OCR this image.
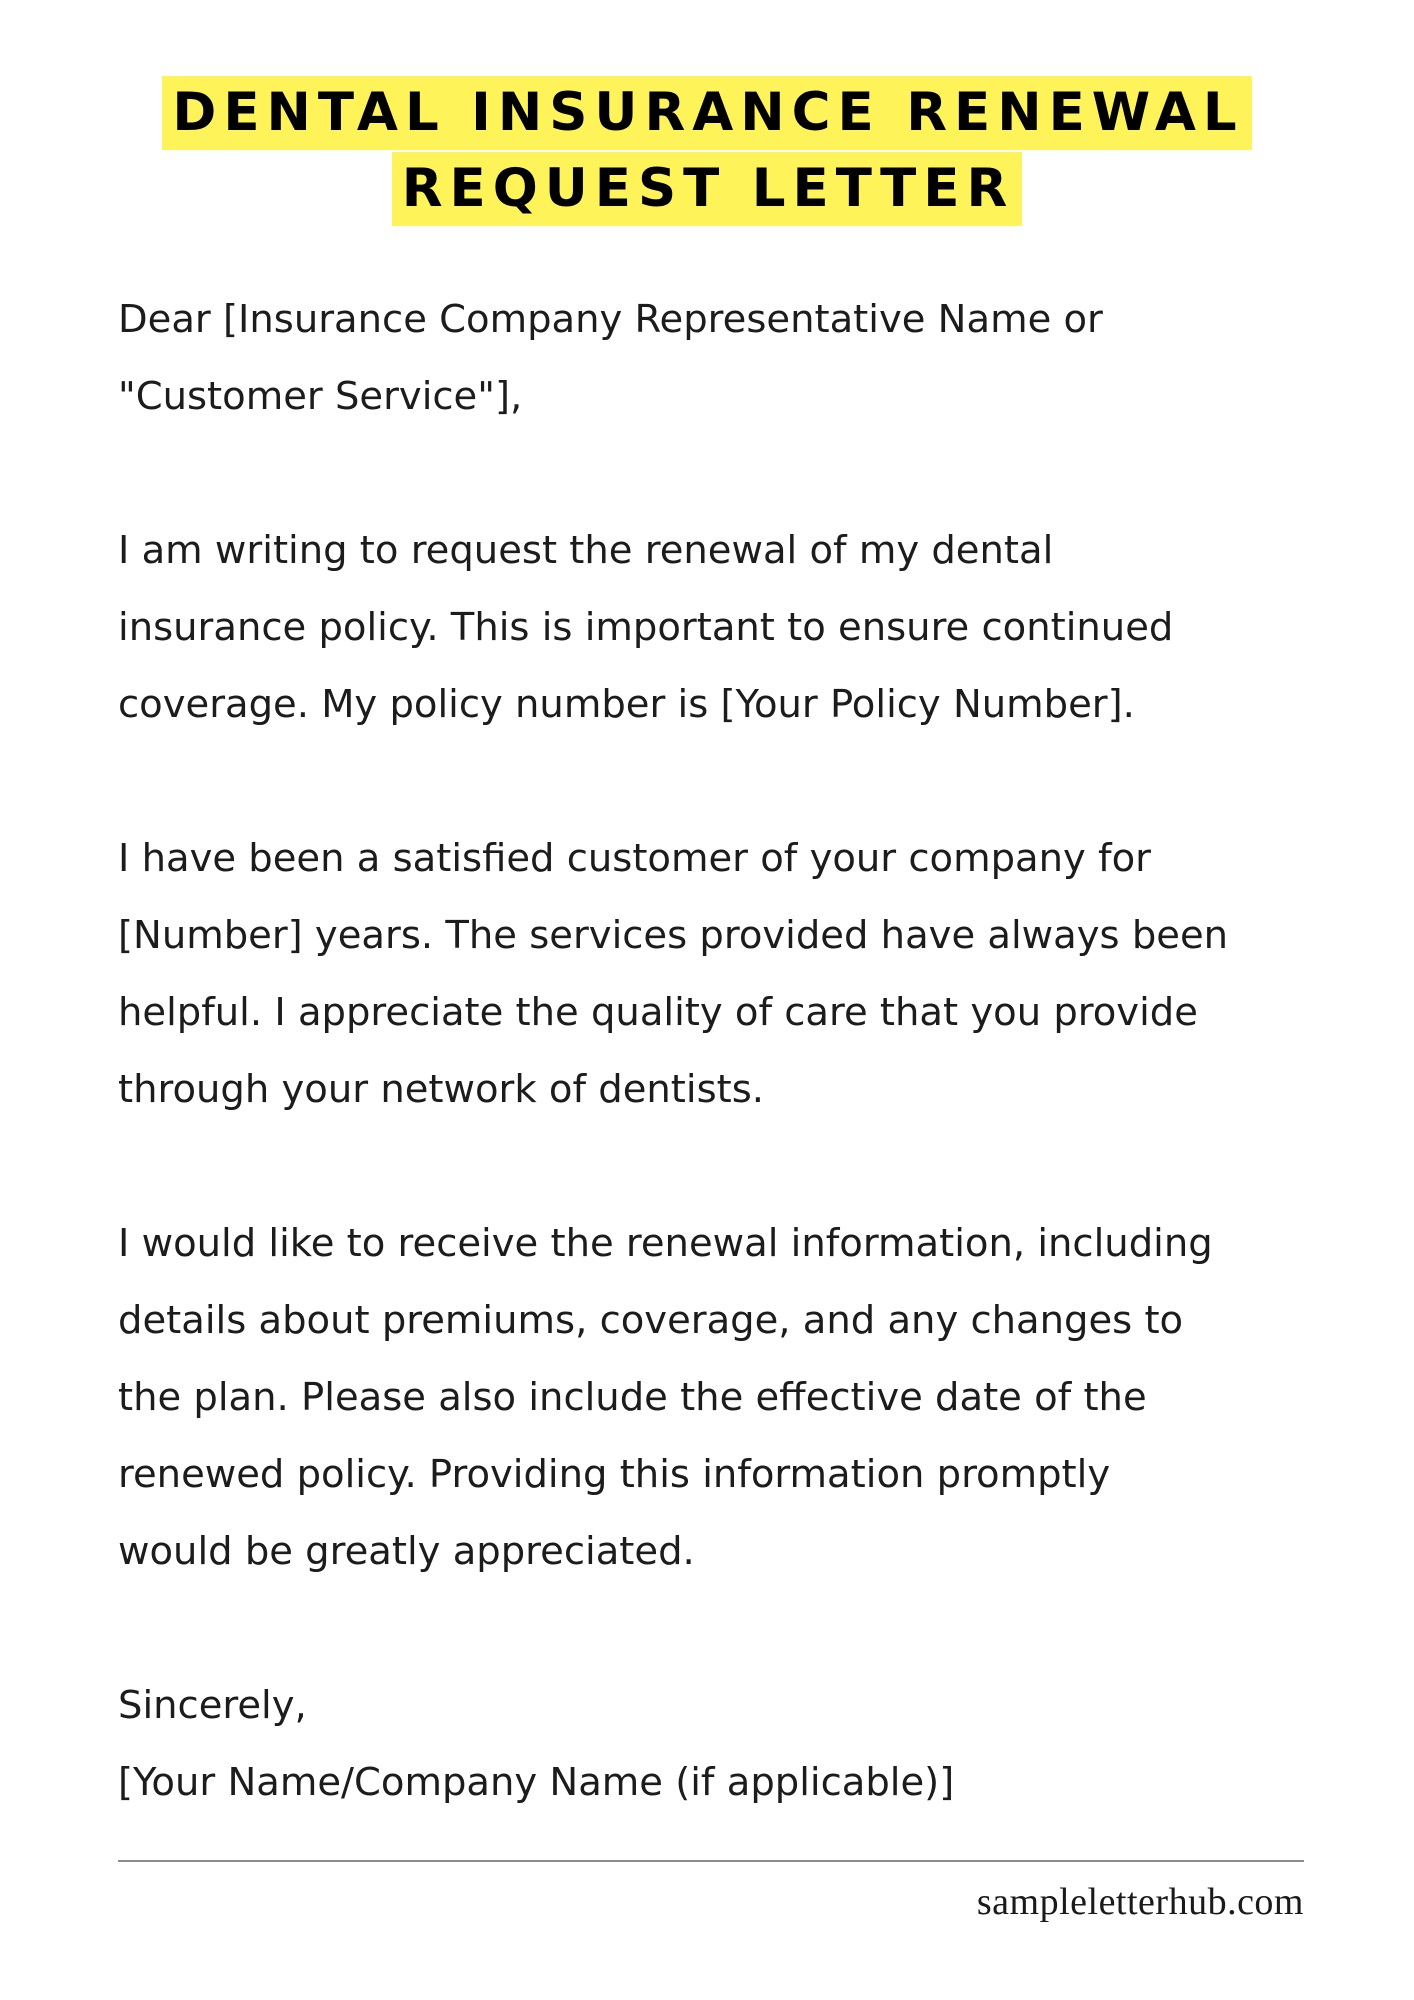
DENTAL INSURANCE RENEWAL
REQUEST LETTER

Dear [Insurance Company Representative Name or
"Customer Service"],

I am writing to request the renewal of my dental
insurance policy. This is important to ensure continued
coverage. My policy number is [Your Policy Number].

I have been a satisfied customer of your company for
[Number] years. The services provided have always been
helpful. I appreciate the quality of care that you provide
through your network of dentists.

I would like to receive the renewal information, including
details about premiums, coverage, and any changes to
the plan. Please also include the effective date of the
renewed policy. Providing this information promptly
would be greatly appreciated.

Sincerely,
[Your Name/Company Name (if applicable)]

sampleletterhub.com
